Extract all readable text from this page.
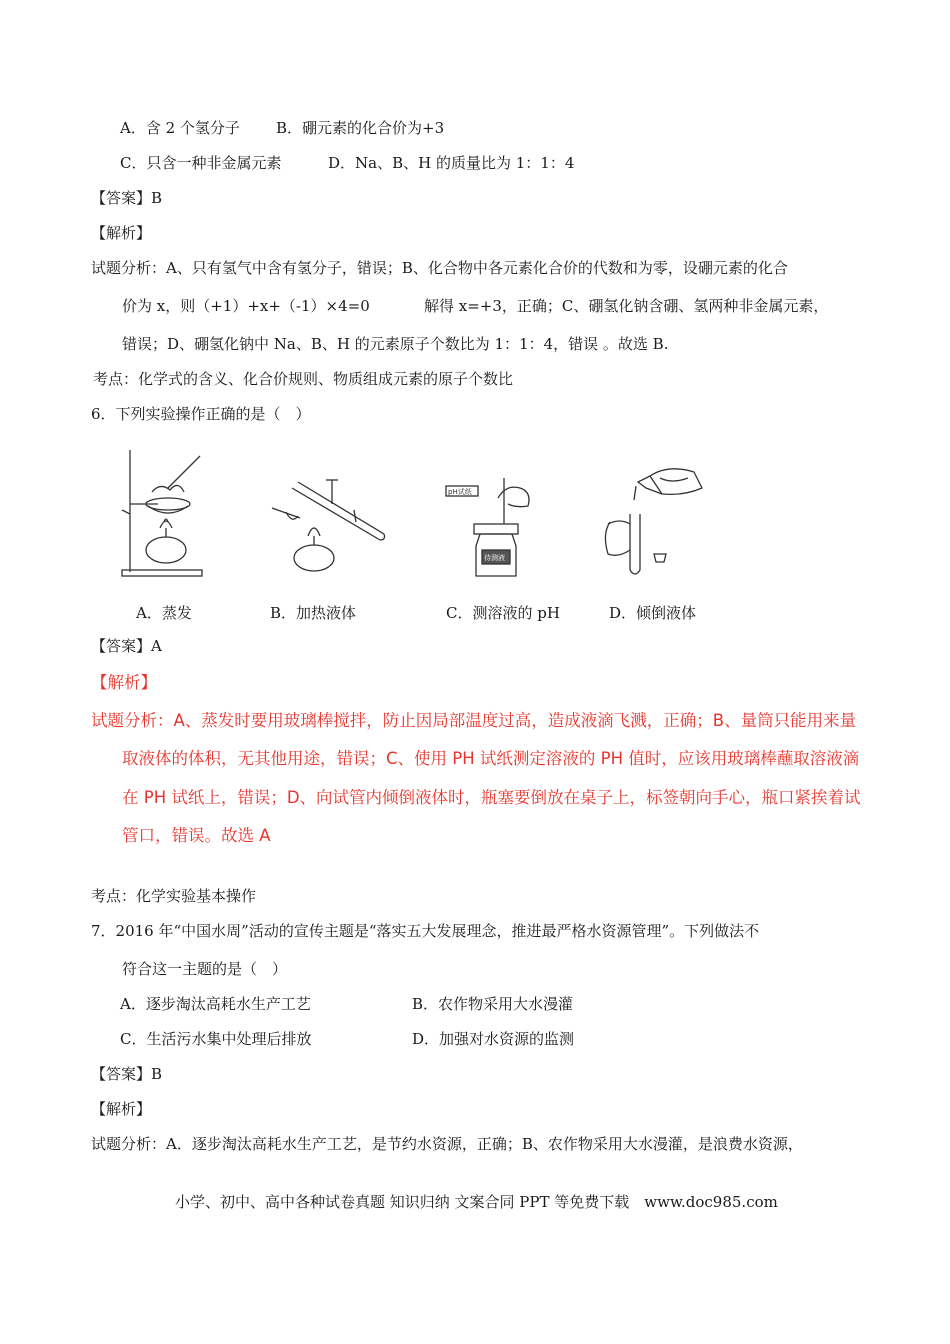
A．含 2 个氢分子 B．硼元素的化合价为+3
C．只含一种非金属元素	D．Na、B、H 的质量比为 1：1：4
【答案】B
【解析】
试题分析：A、只有氢气中含有氢分子，错误；B、化合物中各元素化合价的代数和为零，设硼元素的化合
价为 x，则（+1）+x+（-1）×4=0	解得 x=+3，正确；C、硼氢化钠含硼、氢两种非金属元素，
错误；D、硼氢化钠中 Na、B、H 的元素原子个数比为 1：1：4，错误 。故选 B.
考点：化学式的含义、化合价规则、物质组成元素的原子个数比
6．下列实验操作正确的是（　）
pH试纸
待测液
A．蒸发	B．加热液体	C．测溶液的 pH	D．倾倒液体
【答案】A
【解析】
试题分析：A、蒸发时要用玻璃棒搅拌，防止因局部温度过高，造成液滴飞溅，正确；B、量筒只能用来量
取液体的体积，无其他用途，错误；C、使用 PH 试纸测定溶液的 PH 值时，应该用玻璃棒蘸取溶液滴
在 PH 试纸上，错误；D、向试管内倾倒液体时，瓶塞要倒放在桌子上，标签朝向手心，瓶口紧挨着试
管口，错误。故选 A
考点：化学实验基本操作
7．2016 年“中国水周”活动的宣传主题是“落实五大发展理念，推进最严格水资源管理”。下列做法不
符合这一主题的是（　）
A．逐步淘汰高耗水生产工艺	B．农作物采用大水漫灌
C．生活污水集中处理后排放	D．加强对水资源的监测
【答案】B
【解析】
试题分析：A．逐步淘汰高耗水生产工艺，是节约水资源，正确；B、农作物采用大水漫灌，是浪费水资源，
小学、初中、高中各种试卷真题 知识归纳 文案合同 PPT 等免费下载　www.doc985.com
